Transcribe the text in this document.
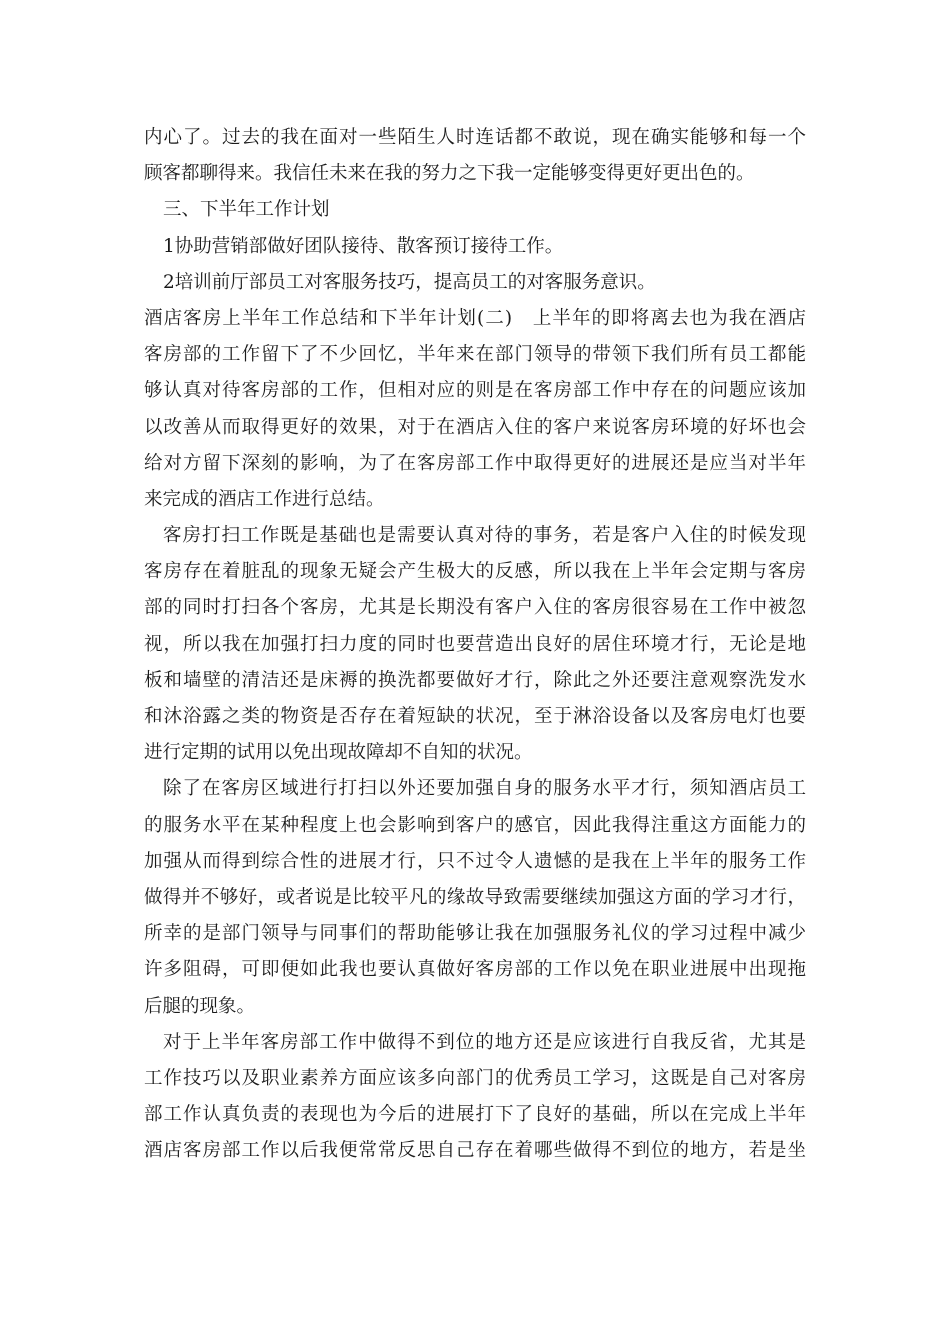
内心了。过去的我在面对一些陌生人时连话都不敢说，现在确实能够和每一个
顾客都聊得来。我信任未来在我的努力之下我一定能够变得更好更出色的。
三、下半年工作计划
1协助营销部做好团队接待、散客预订接待工作。
2培训前厅部员工对客服务技巧，提高员工的对客服务意识。
酒店客房上半年工作总结和下半年计划(二)　上半年的即将离去也为我在酒店
客房部的工作留下了不少回忆，半年来在部门领导的带领下我们所有员工都能
够认真对待客房部的工作，但相对应的则是在客房部工作中存在的问题应该加
以改善从而取得更好的效果，对于在酒店入住的客户来说客房环境的好坏也会
给对方留下深刻的影响，为了在客房部工作中取得更好的进展还是应当对半年
来完成的酒店工作进行总结。
客房打扫工作既是基础也是需要认真对待的事务，若是客户入住的时候发现
客房存在着脏乱的现象无疑会产生极大的反感，所以我在上半年会定期与客房
部的同时打扫各个客房，尤其是长期没有客户入住的客房很容易在工作中被忽
视，所以我在加强打扫力度的同时也要营造出良好的居住环境才行，无论是地
板和墙壁的清洁还是床褥的换洗都要做好才行，除此之外还要注意观察洗发水
和沐浴露之类的物资是否存在着短缺的状况，至于淋浴设备以及客房电灯也要
进行定期的试用以免出现故障却不自知的状况。
除了在客房区域进行打扫以外还要加强自身的服务水平才行，须知酒店员工
的服务水平在某种程度上也会影响到客户的感官，因此我得注重这方面能力的
加强从而得到综合性的进展才行，只不过令人遗憾的是我在上半年的服务工作
做得并不够好，或者说是比较平凡的缘故导致需要继续加强这方面的学习才行，
所幸的是部门领导与同事们的帮助能够让我在加强服务礼仪的学习过程中减少
许多阻碍，可即便如此我也要认真做好客房部的工作以免在职业进展中出现拖
后腿的现象。
对于上半年客房部工作中做得不到位的地方还是应该进行自我反省，尤其是
工作技巧以及职业素养方面应该多向部门的优秀员工学习，这既是自己对客房
部工作认真负责的表现也为今后的进展打下了良好的基础，所以在完成上半年
酒店客房部工作以后我便常常反思自己存在着哪些做得不到位的地方，若是坐
